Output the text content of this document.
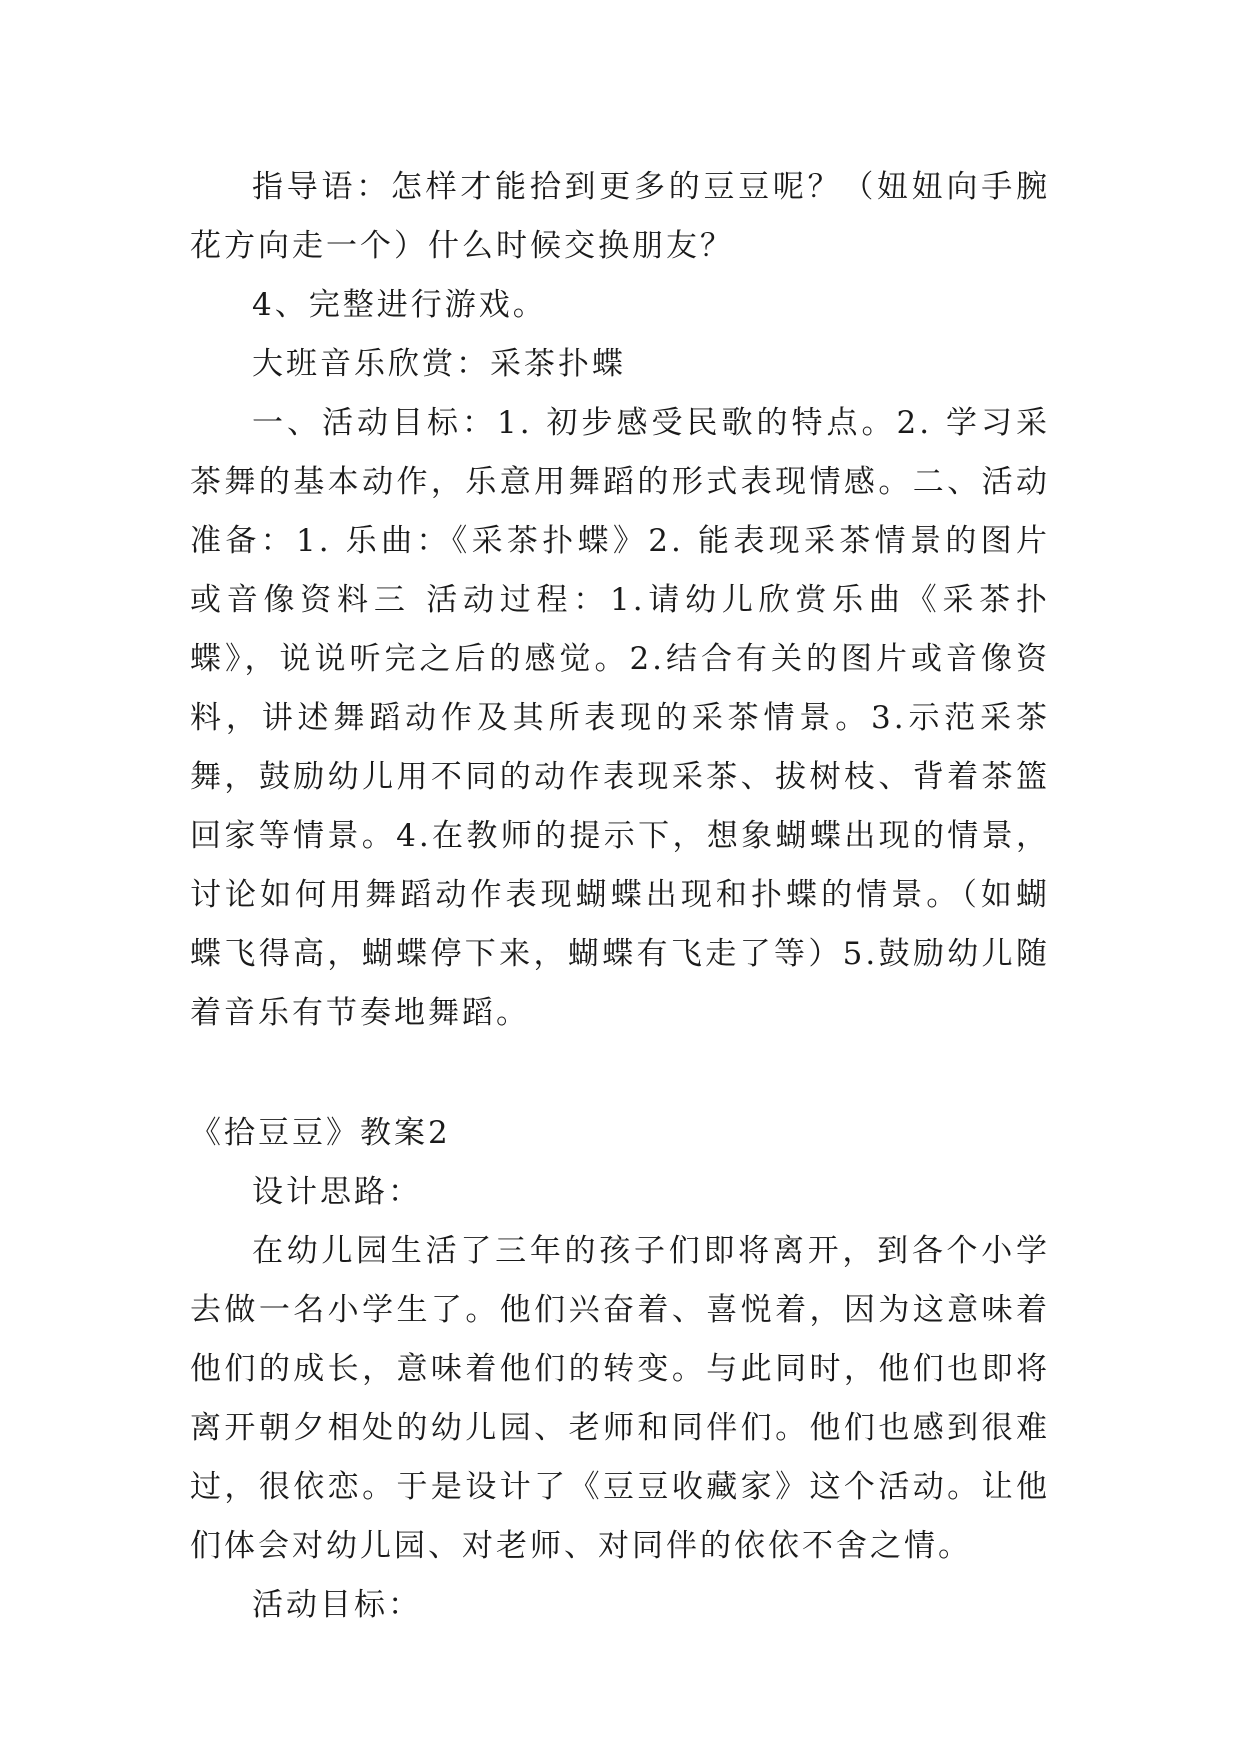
指导语：怎样才能拾到更多的豆豆呢？（妞妞向手腕花方向走一个）什么时候交换朋友？

4、完整进行游戏。

大班音乐欣赏：采茶扑蝶

一、活动目标：1. 初步感受民歌的特点。2. 学习采茶舞的基本动作，乐意用舞蹈的形式表现情感。二、活动准备：1. 乐曲：《采茶扑蝶》2. 能表现采茶情景的图片或音像资料三 活动过程：1.请幼儿欣赏乐曲《采茶扑蝶》，说说听完之后的感觉。2.结合有关的图片或音像资料，讲述舞蹈动作及其所表现的采茶情景。3.示范采茶舞，鼓励幼儿用不同的动作表现采茶、拔树枝、背着茶篮回家等情景。4.在教师的提示下，想象蝴蝶出现的情景，讨论如何用舞蹈动作表现蝴蝶出现和扑蝶的情景。（如蝴蝶飞得高，蝴蝶停下来，蝴蝶有飞走了等）5.鼓励幼儿随着音乐有节奏地舞蹈。

《拾豆豆》教案2

设计思路：

在幼儿园生活了三年的孩子们即将离开，到各个小学去做一名小学生了。他们兴奋着、喜悦着，因为这意味着他们的成长，意味着他们的转变。与此同时，他们也即将离开朝夕相处的幼儿园、老师和同伴们。他们也感到很难过，很依恋。于是设计了《豆豆收藏家》这个活动。让他们体会对幼儿园、对老师、对同伴的依依不舍之情。

活动目标：
